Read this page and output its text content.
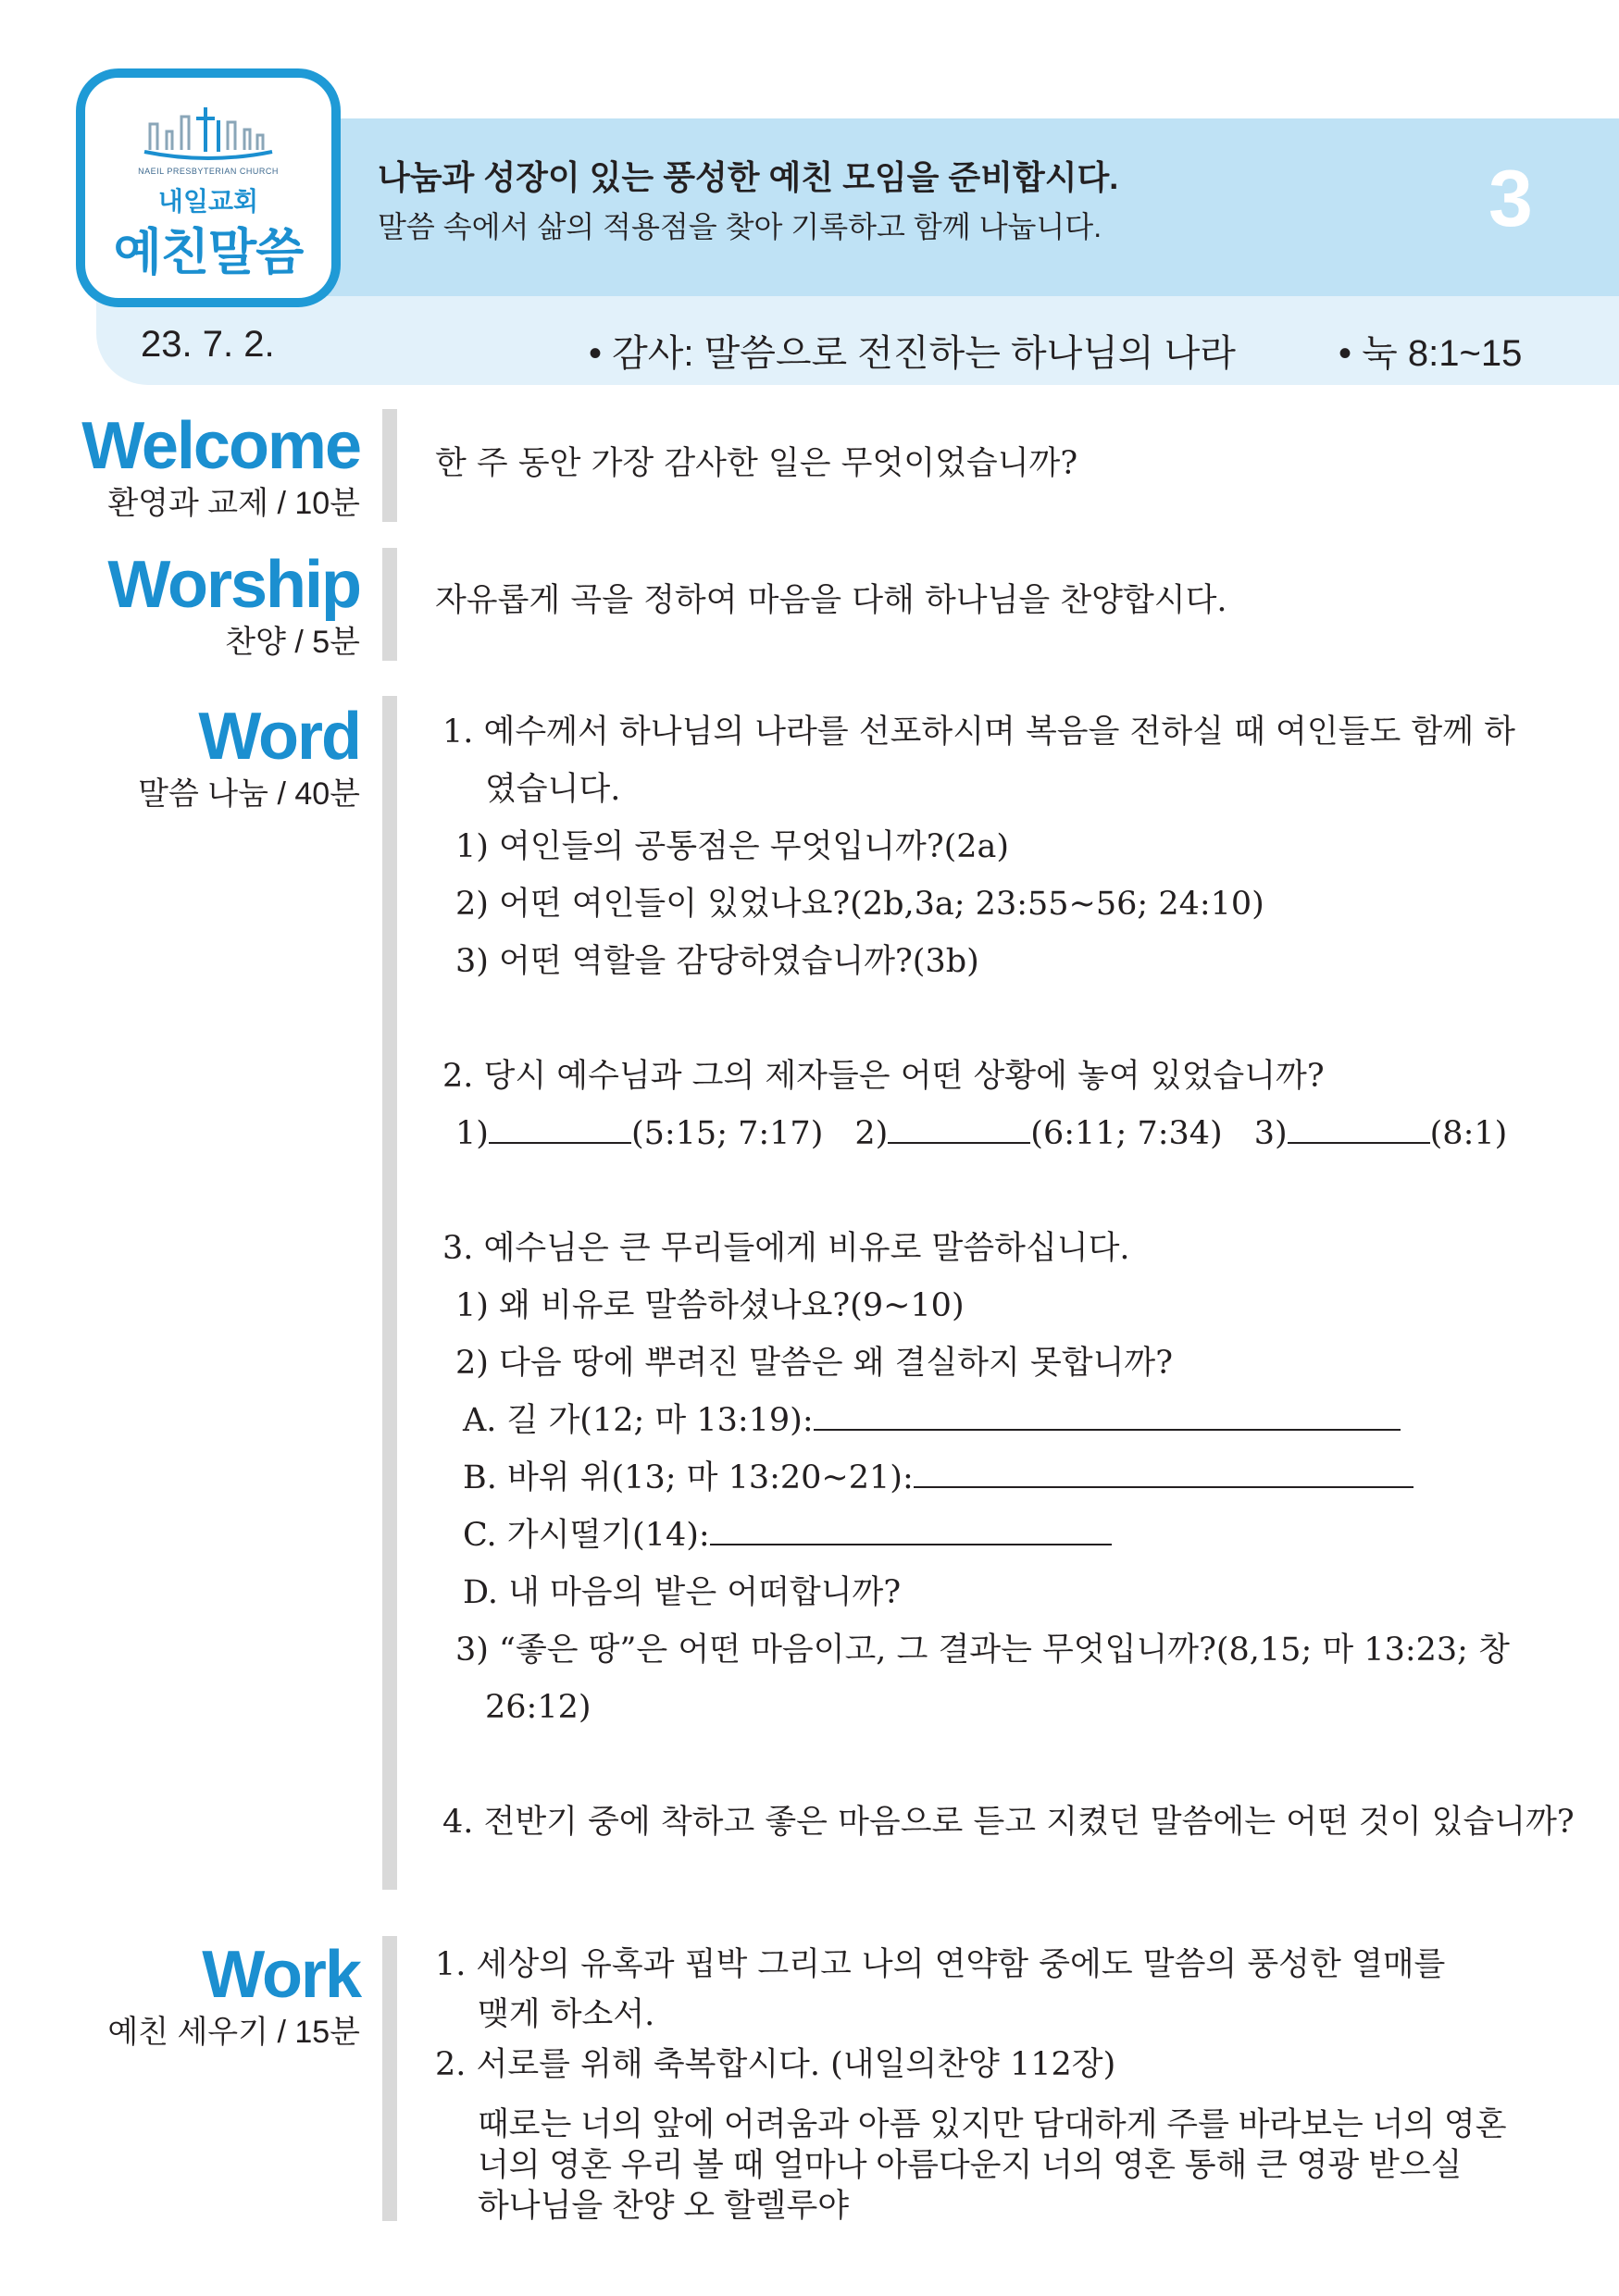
NAEIL PRESBYTERIAN CHURCH
내일교회
예친말씀
나눔과 성장이 있는 풍성한 예친 모임을 준비합시다.
말씀 속에서 삶의 적용점을 찾아 기록하고 함께 나눕니다.	3
23. 7. 2.	• 감사: 말씀으로 전진하는 하나님의 나라	• 눅 8:1~15
Welcome
환영과 교제 / 10분
한 주 동안 가장 감사한 일은 무엇이었습니까?
Worship
찬양 / 5분
자유롭게 곡을 정하여 마음을 다해 하나님을 찬양합시다.
Word
말씀 나눔 / 40분
1. 예수께서 하나님의 나라를 선포하시며 복음을 전하실 때 여인들도 함께 하
였습니다.
1) 여인들의 공통점은 무엇입니까?(2a)
2) 어떤 여인들이 있었나요?(2b,3a; 23:55~56; 24:10)
3) 어떤 역할을 감당하였습니까?(3b)
2. 당시 예수님과 그의 제자들은 어떤 상황에 놓여 있었습니까?
1)	(5:15; 7:17) 2)	(6:11; 7:34) 3)	(8:1)
3. 예수님은 큰 무리들에게 비유로 말씀하십니다.
1) 왜 비유로 말씀하셨나요?(9~10)
2) 다음 땅에 뿌려진 말씀은 왜 결실하지 못합니까?
A. 길 가(12; 마 13:19):
B. 바위 위(13; 마 13:20~21):
C. 가시떨기(14):
D. 내 마음의 밭은 어떠합니까?
3) “좋은 땅”은 어떤 마음이고, 그 결과는 무엇입니까?(8,15; 마 13:23; 창
26:12)
4. 전반기 중에 착하고 좋은 마음으로 듣고 지켰던 말씀에는 어떤 것이 있습니까?
Work
예친 세우기 / 15분
1. 세상의 유혹과 핍박 그리고 나의 연약함 중에도 말씀의 풍성한 열매를
맺게 하소서.
2. 서로를 위해 축복합시다. (내일의찬양 112장)
때로는 너의 앞에 어려움과 아픔 있지만 담대하게 주를 바라보는 너의 영혼
너의 영혼 우리 볼 때 얼마나 아름다운지 너의 영혼 통해 큰 영광 받으실
하나님을 찬양 오 할렐루야
